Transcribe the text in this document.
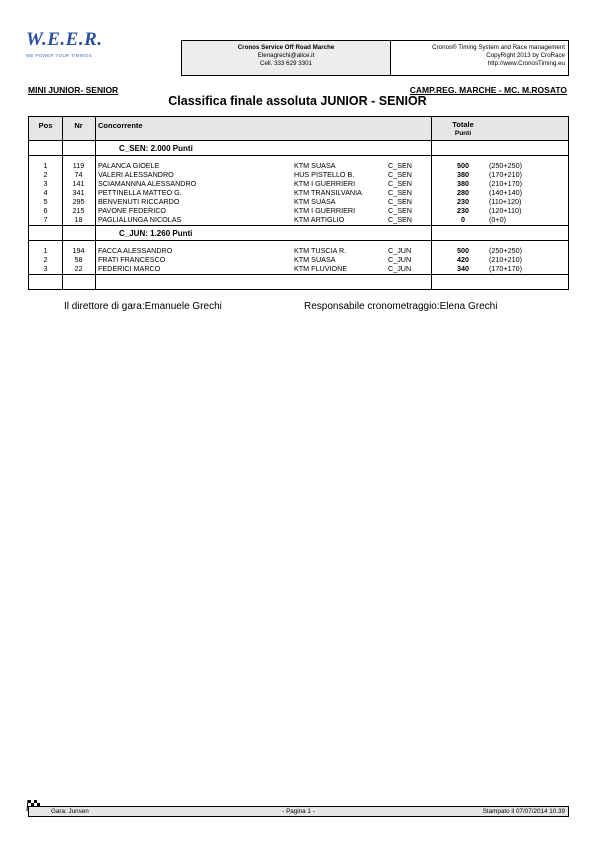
W.E.E.R.
WE POWER YOUR TIMINGS
Cronos Service Off Road Marche
Elenagrechi@alice.it
Cell. 333 629 3301
Cronos® Timing System and Race management
CopyRight 2013 by CroRace
http://www.CronosTiming.eu
MINI JUNIOR- SENIOR	CAMP.REG. MARCHE - MC. M.ROSATO
Classifica finale assoluta JUNIOR - SENIOR
Pos	Nr	Concorrente	Totale
Punti
C_SEN: 2.000 Punti
1	119	PALANCA GIOELE	KTM SUASA	C_SEN	500	(250+250)
2	74	VALERI ALESSANDRO	HUS PISTELLO B.	C_SEN	380	(170+210)
3	141	SCIAMANNNA ALESSANDRO	KTM I GUERRIERI	C_SEN	380	(210+170)
4	341	PETTINELLA MATTEO G.	KTM TRANSILVANIA	C_SEN	280	(140+140)
5	295	BENVENUTI RICCARDO	KTM SUASA	C_SEN	230	(110+120)
6	215	PAVONE FEDERICO	KTM I GUERRIERI	C_SEN	230	(120+110)
7	18	PAGLIALUNGA NICOLAS	KTM ARTIGLIO	C_SEN	0	(0+0)
C_JUN: 1.260 Punti
1	194	FACCA ALESSANDRO	KTM TUSCIA R.	C_JUN	500	(250+250)
2	58	FRATI FRANCESCO	KTM SUASA	C_JUN	420	(210+210)
3	22	FEDERICI MARCO	KTM FLUVIONE	C_JUN	340	(170+170)
Il direttore di gara:Emanuele Grechi	Responsabile cronometraggio:Elena Grechi
Gara: Junsen	- Pagina 1 -	Stampato il 07/07/2014 10.39
